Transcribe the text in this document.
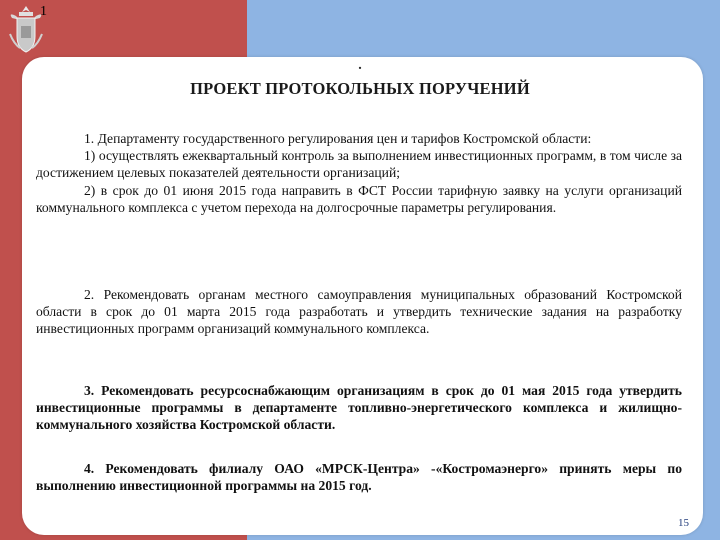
1
.
ПРОЕКТ ПРОТОКОЛЬНЫХ ПОРУЧЕНИЙ

1. Департаменту государственного регулирования цен и тарифов Костромской области:

1) осуществлять ежеквартальный контроль за выполнением инвестиционных программ, в том числе за достижением целевых показателей деятельности организаций;

2) в срок до 01 июня 2015 года направить в ФСТ России тарифную заявку на услуги организаций коммунального комплекса с учетом перехода на долгосрочные параметры регулирования.

2. Рекомендовать органам местного самоуправления муниципальных образований Костромской области в срок до 01 марта 2015 года разработать и утвердить технические задания на разработку инвестиционных программ организаций коммунального комплекса.

3. Рекомендовать ресурсоснабжающим организациям в срок до 01 мая 2015 года утвердить инвестиционные программы в департаменте топливно-энергетического комплекса и жилищно-коммунального хозяйства Костромской области.

4. Рекомендовать филиалу ОАО «МРСК-Центра» -«Костромаэнерго» принять меры по выполнению инвестиционной программы на 2015 год.

15
